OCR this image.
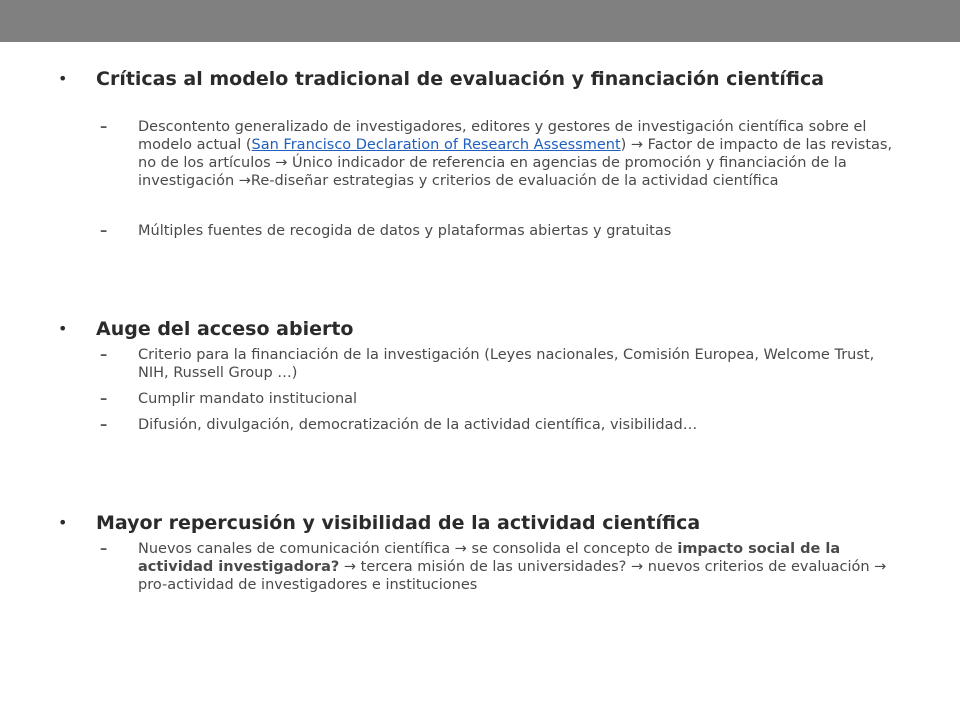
• Críticas al modelo tradicional de evaluación y financiación científica
– Descontento generalizado de investigadores, editores y gestores de investigación científica sobre el modelo actual (San Francisco Declaration of Research Assessment) → Factor de impacto de las revistas, no de los artículos → Único indicador de referencia en agencias de promoción y financiación de la investigación →Re-diseñar estrategias y criterios de evaluación de la actividad científica
– Múltiples fuentes de recogida de datos y plataformas abiertas y gratuitas
• Auge del acceso abierto
– Criterio para la financiación de la investigación (Leyes nacionales, Comisión Europea, Welcome Trust, NIH, Russell Group …)
– Cumplir mandato institucional
– Difusión, divulgación, democratización de la actividad científica, visibilidad…
• Mayor repercusión y visibilidad de la actividad científica
– Nuevos canales de comunicación científica → se consolida el concepto de impacto social de la actividad investigadora? → tercera misión de las universidades? → nuevos criterios de evaluación → pro-actividad de investigadores e instituciones
